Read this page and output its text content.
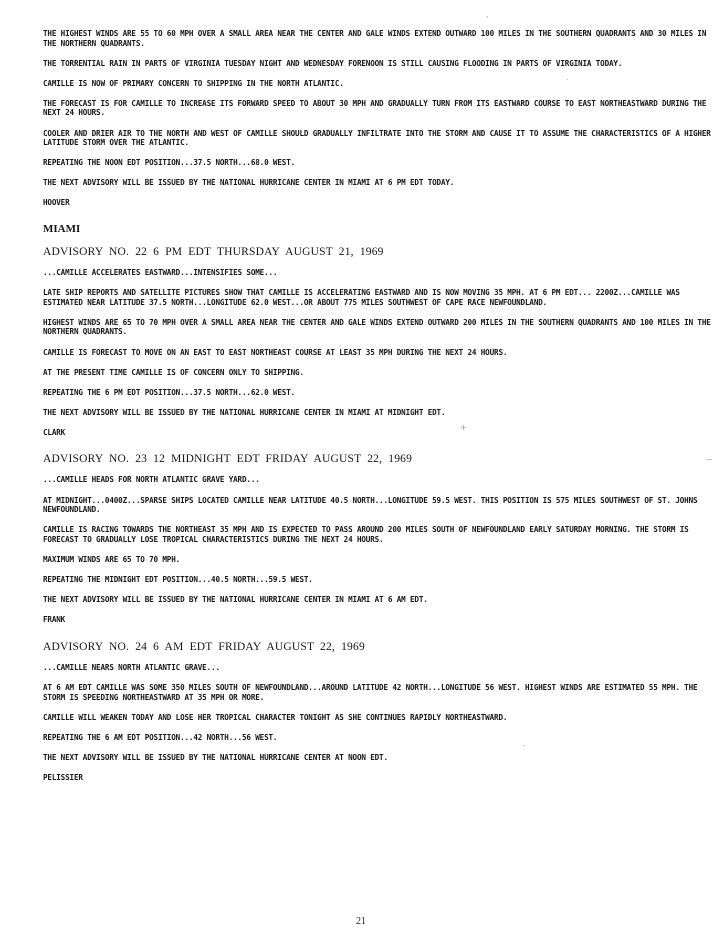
THE HIGHEST WINDS ARE 55 TO 60 MPH OVER A SMALL AREA NEAR THE CENTER AND GALE WINDS EXTEND OUTWARD 100 MILES IN THE SOUTHERN QUADRANTS AND 30 MILES IN THE NORTHERN QUADRANTS.

THE TORRENTIAL RAIN IN PARTS OF VIRGINIA TUESDAY NIGHT AND WEDNESDAY FORENOON IS STILL CAUSING FLOODING IN PARTS OF VIRGINIA TODAY.

CAMILLE IS NOW OF PRIMARY CONCERN TO SHIPPING IN THE NORTH ATLANTIC.

THE FORECAST IS FOR CAMILLE TO INCREASE ITS FORWARD SPEED TO ABOUT 30 MPH AND GRADUALLY TURN FROM ITS EASTWARD COURSE TO EAST NORTHEASTWARD DURING THE NEXT 24 HOURS.

COOLER AND DRIER AIR TO THE NORTH AND WEST OF CAMILLE SHOULD GRADUALLY INFILTRATE INTO THE STORM AND CAUSE IT TO ASSUME THE CHARACTERISTICS OF A HIGHER LATITUDE STORM OVER THE ATLANTIC.

REPEATING THE NOON EDT POSITION...37.5 NORTH...68.0 WEST.

THE NEXT ADVISORY WILL BE ISSUED BY THE NATIONAL HURRICANE CENTER IN MIAMI AT 6 PM EDT TODAY.

HOOVER

MIAMI
ADVISORY NO. 22 6 PM EDT THURSDAY AUGUST 21, 1969

...CAMILLE ACCELERATES EASTWARD...INTENSIFIES SOME...

LATE SHIP REPORTS AND SATELLITE PICTURES SHOW THAT CAMILLE IS ACCELERATING EASTWARD AND IS NOW MOVING 35 MPH. AT 6 PM EDT... 2200Z...CAMILLE WAS ESTIMATED NEAR LATITUDE 37.5 NORTH...LONGITUDE 62.0 WEST...OR ABOUT 775 MILES SOUTHWEST OF CAPE RACE NEWFOUNDLAND.

HIGHEST WINDS ARE 65 TO 70 MPH OVER A SMALL AREA NEAR THE CENTER AND GALE WINDS EXTEND OUTWARD 200 MILES IN THE SOUTHERN QUADRANTS AND 100 MILES IN THE NORTHERN QUADRANTS.

CAMILLE IS FORECAST TO MOVE ON AN EAST TO EAST NORTHEAST COURSE AT LEAST 35 MPH DURING THE NEXT 24 HOURS.

AT THE PRESENT TIME CAMILLE IS OF CONCERN ONLY TO SHIPPING.

REPEATING THE 6 PM EDT POSITION...37.5 NORTH...62.0 WEST.

THE NEXT ADVISORY WILL BE ISSUED BY THE NATIONAL HURRICANE CENTER IN MIAMI AT MIDNIGHT EDT.

CLARK

ADVISORY NO. 23 12 MIDNIGHT EDT FRIDAY AUGUST 22, 1969

...CAMILLE HEADS FOR NORTH ATLANTIC GRAVE YARD...

AT MIDNIGHT...0400Z...SPARSE SHIPS LOCATED CAMILLE NEAR LATITUDE 40.5 NORTH...LONGITUDE 59.5 WEST. THIS POSITION IS 575 MILES SOUTHWEST OF ST. JOHNS NEWFOUNDLAND.

CAMILLE IS RACING TOWARDS THE NORTHEAST 35 MPH AND IS EXPECTED TO PASS AROUND 200 MILES SOUTH OF NEWFOUNDLAND EARLY SATURDAY MORNING. THE STORM IS FORECAST TO GRADUALLY LOSE TROPICAL CHARACTERISTICS DURING THE NEXT 24 HOURS.

MAXIMUM WINDS ARE 65 TO 70 MPH.

REPEATING THE MIDNIGHT EDT POSITION...40.5 NORTH...59.5 WEST.

THE NEXT ADVISORY WILL BE ISSUED BY THE NATIONAL HURRICANE CENTER IN MIAMI AT 6 AM EDT.

FRANK

ADVISORY NO. 24 6 AM EDT FRIDAY AUGUST 22, 1969

...CAMILLE NEARS NORTH ATLANTIC GRAVE...

AT 6 AM EDT CAMILLE WAS SOME 350 MILES SOUTH OF NEWFOUNDLAND...AROUND LATITUDE 42 NORTH...LONGITUDE 56 WEST. HIGHEST WINDS ARE ESTIMATED 55 MPH. THE STORM IS SPEEDING NORTHEASTWARD AT 35 MPH OR MORE.

CAMILLE WILL WEAKEN TODAY AND LOSE HER TROPICAL CHARACTER TONIGHT AS SHE CONTINUES RAPIDLY NORTHEASTWARD.

REPEATING THE 6 AM EDT POSITION...42 NORTH...56 WEST.

THE NEXT ADVISORY WILL BE ISSUED BY THE NATIONAL HURRICANE CENTER AT NOON EDT.

PELISSIER

21
,
.
+
~
-
